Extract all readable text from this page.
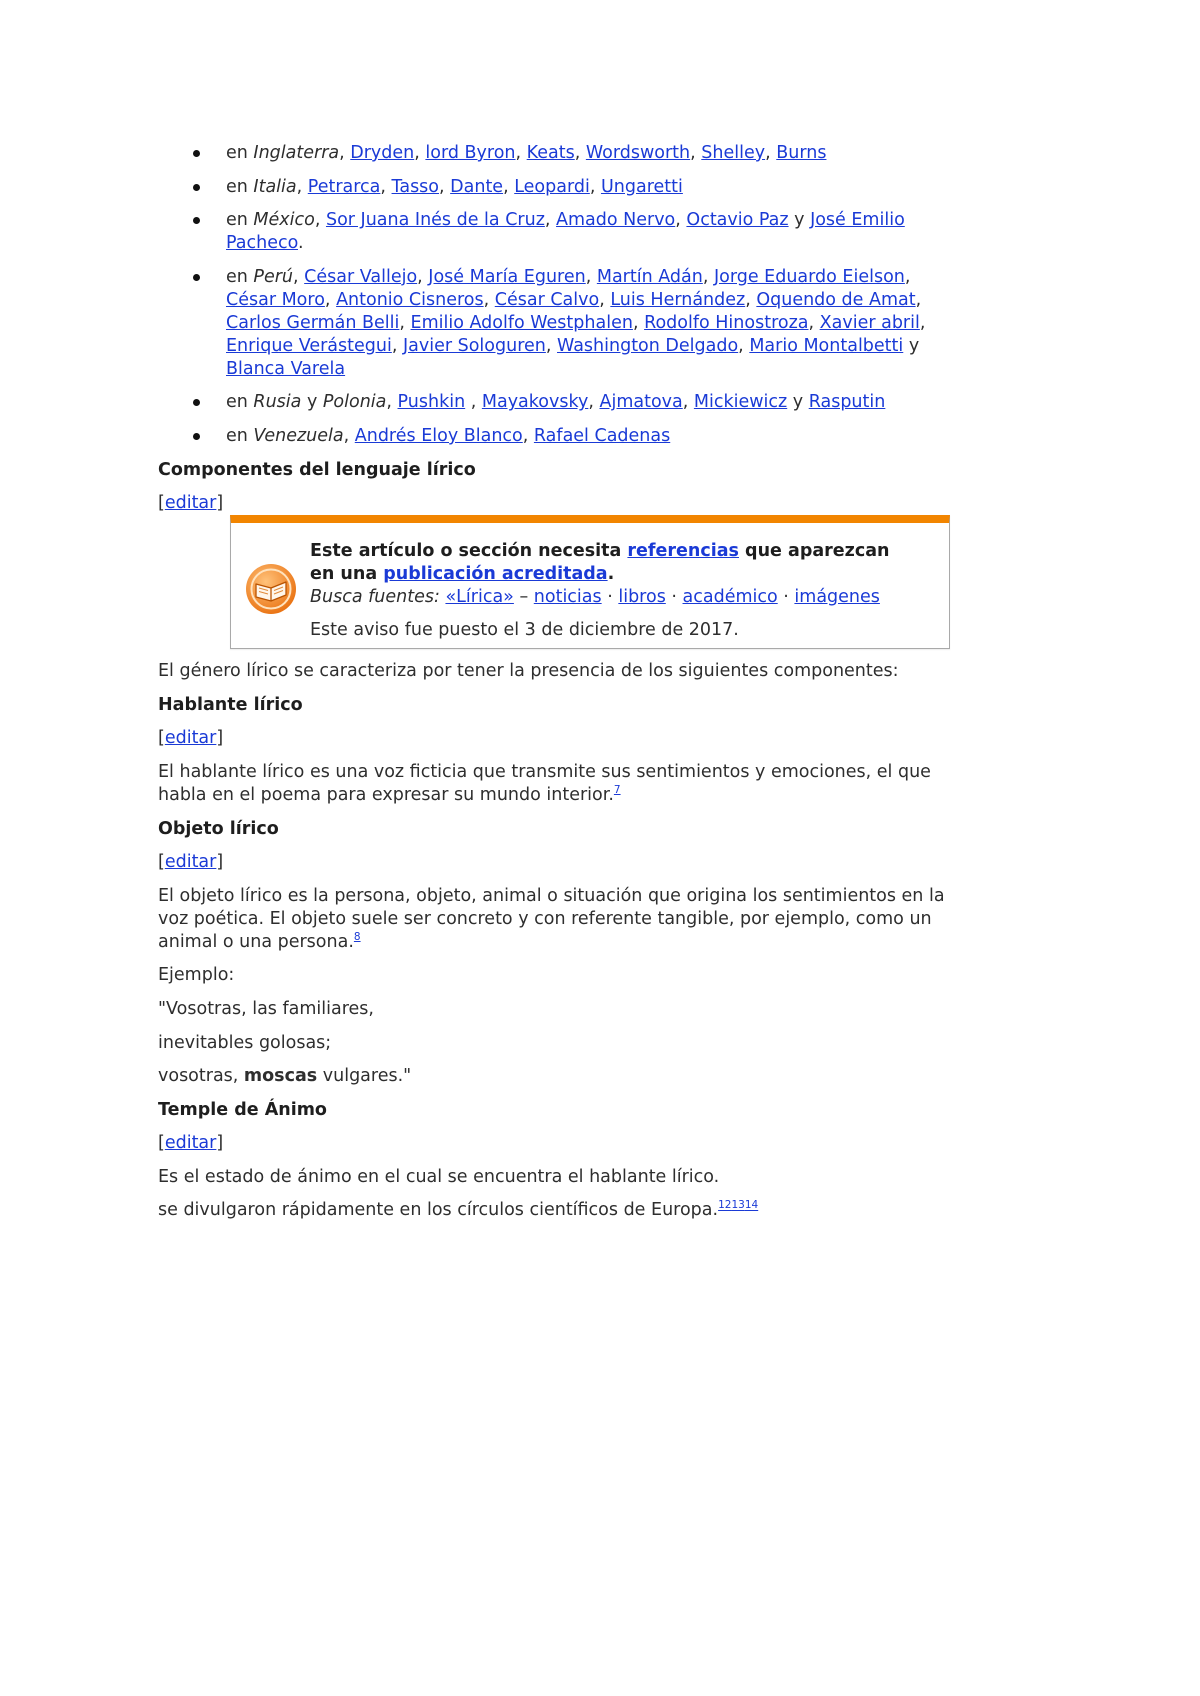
en Inglaterra, Dryden, lord Byron, Keats, Wordsworth, Shelley, Burns
en Italia, Petrarca, Tasso, Dante, Leopardi, Ungaretti
en México, Sor Juana Inés de la Cruz, Amado Nervo, Octavio Paz y José Emilio Pacheco.
en Perú, César Vallejo, José María Eguren, Martín Adán, Jorge Eduardo Eielson, César Moro, Antonio Cisneros, César Calvo, Luis Hernández, Oquendo de Amat, Carlos Germán Belli, Emilio Adolfo Westphalen, Rodolfo Hinostroza, Xavier abril, Enrique Verástegui, Javier Sologuren, Washington Delgado, Mario Montalbetti y Blanca Varela
en Rusia y Polonia, Pushkin , Mayakovsky, Ajmatova, Mickiewicz y Rasputin
en Venezuela, Andrés Eloy Blanco, Rafael Cadenas
Componentes del lenguaje lírico

[editar]

Este artículo o sección necesita referencias que aparezcan en una publicación acreditada.

Busca fuentes: «Lírica» – noticias · libros · académico · imágenes

Este aviso fue puesto el 3 de diciembre de 2017.

El género lírico se caracteriza por tener la presencia de los siguientes componentes:

Hablante lírico

[editar]

El hablante lírico es una voz ficticia que transmite sus sentimientos y emociones, el que habla en el poema para expresar su mundo interior.$^7$

Objeto lírico

[editar]

El objeto lírico es la persona, objeto, animal o situación que origina los sentimientos en la voz poética. El objeto suele ser concreto y con referente tangible, por ejemplo, como un animal o una persona.$^8$

Ejemplo:

"Vosotras, las familiares,

inevitables golosas;

vosotras, moscas vulgares."

Temple de Ánimo

[editar]

Es el estado de ánimo en el cual se encuentra el hablante lírico.

se divulgaron rápidamente en los círculos científicos de Europa.$^{121314}$
